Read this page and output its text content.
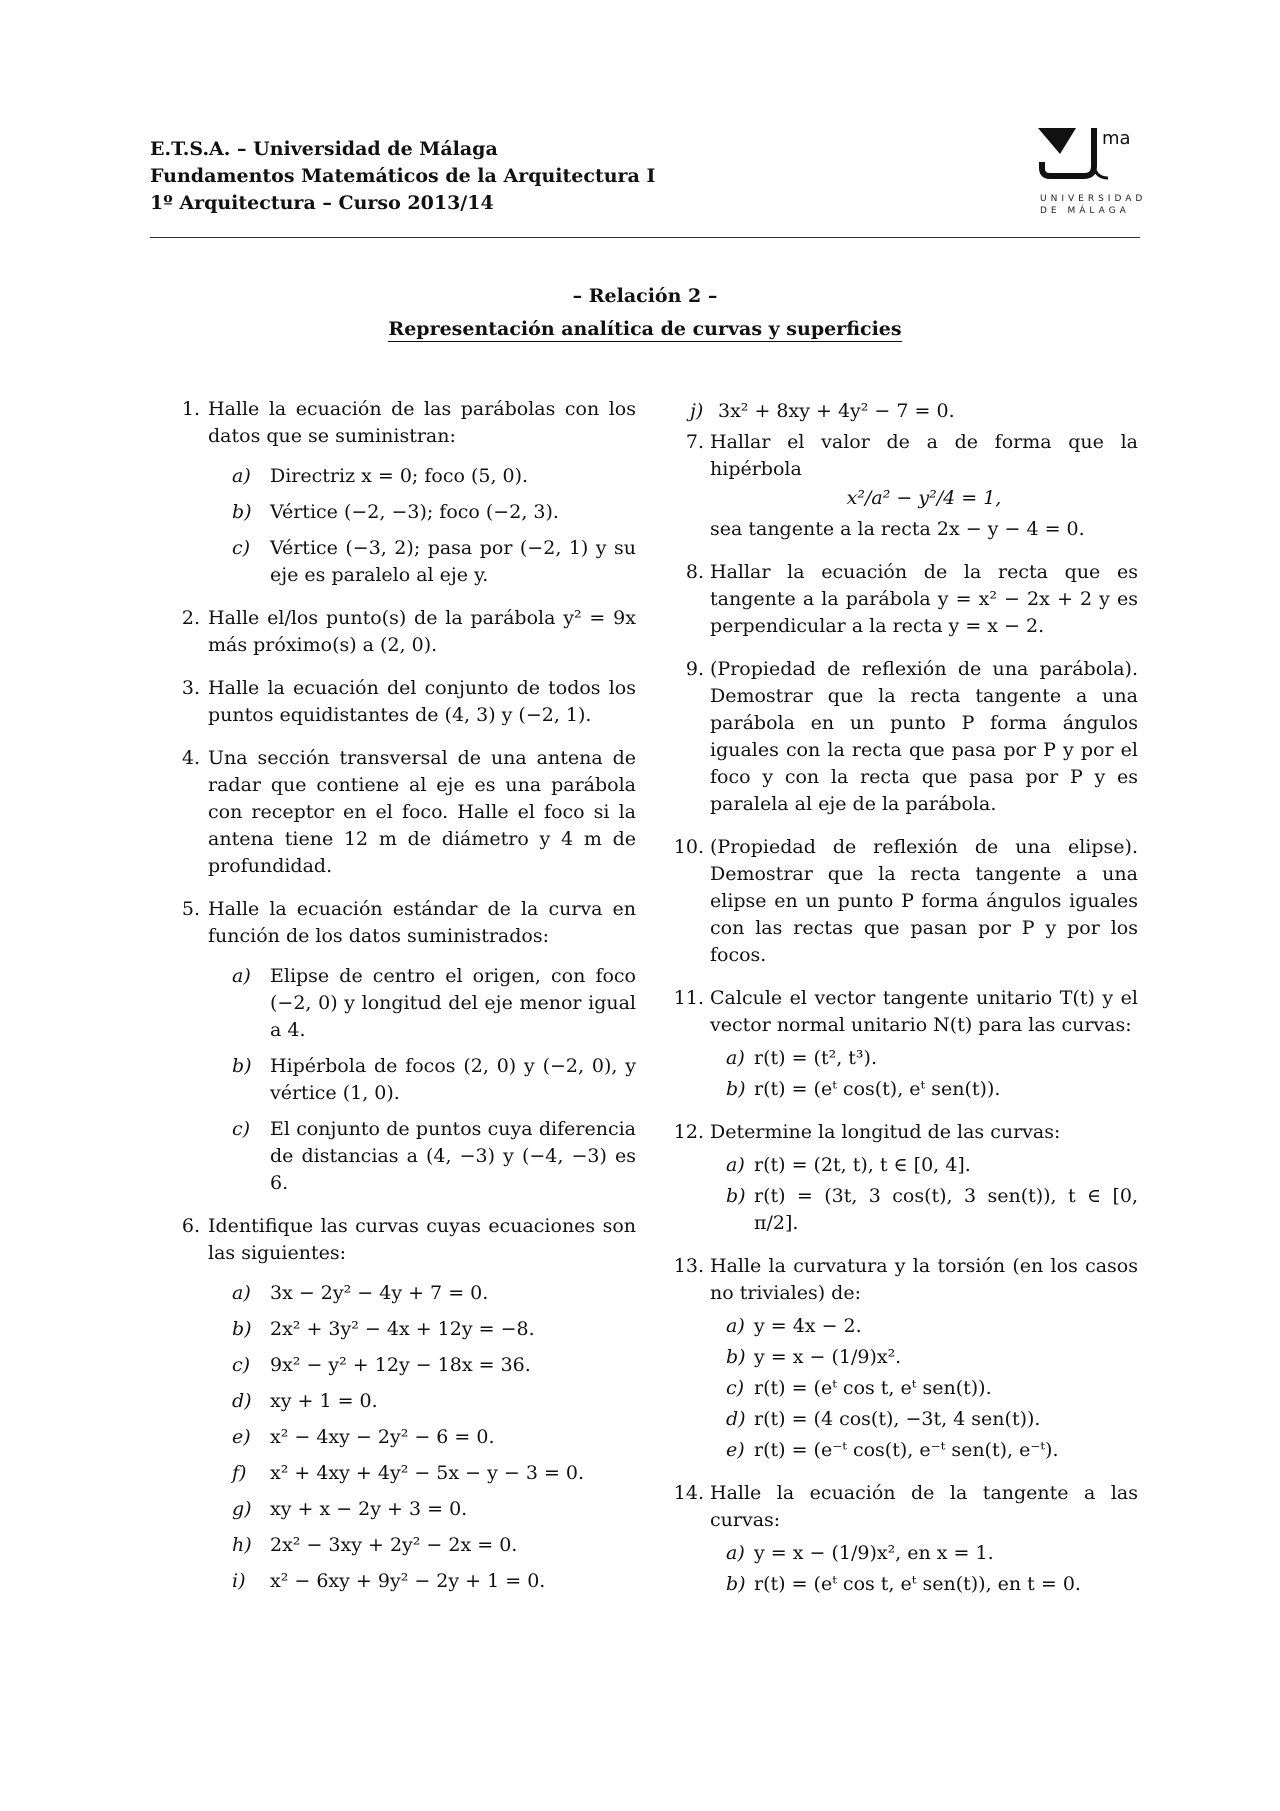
E.T.S.A. – Universidad de Málaga
Fundamentos Matemáticos de la Arquitectura I
1º Arquitectura – Curso 2013/14
ma
UNIVERSIDAD
DE MÁLAGA
– Relación 2 –
Representación analítica de curvas y superficies
1. Halle la ecuación de las parábolas con los datos que se suministran:
a) Directriz x = 0; foco (5, 0).
b) Vértice (−2, −3); foco (−2, 3).
c) Vértice (−3, 2); pasa por (−2, 1) y su eje es paralelo al eje y.
2. Halle el/los punto(s) de la parábola y² = 9x más próximo(s) a (2, 0).
3. Halle la ecuación del conjunto de todos los puntos equidistantes de (4, 3) y (−2, 1).
4. Una sección transversal de una antena de radar que contiene al eje es una parábola con receptor en el foco. Halle el foco si la antena tiene 12 m de diámetro y 4 m de profundidad.
5. Halle la ecuación estándar de la curva en función de los datos suministrados:
a) Elipse de centro el origen, con foco (−2, 0) y longitud del eje menor igual a 4.
b) Hipérbola de focos (2, 0) y (−2, 0), y vértice (1, 0).
c) El conjunto de puntos cuya diferencia de distancias a (4, −3) y (−4, −3) es 6.
6. Identifique las curvas cuyas ecuaciones son las siguientes:
a) 3x − 2y² − 4y + 7 = 0.
b) 2x² + 3y² − 4x + 12y = −8.
c) 9x² − y² + 12y − 18x = 36.
d) xy + 1 = 0.
e) x² − 4xy − 2y² − 6 = 0.
f) x² + 4xy + 4y² − 5x − y − 3 = 0.
g) xy + x − 2y + 3 = 0.
h) 2x² − 3xy + 2y² − 2x = 0.
i) x² − 6xy + 9y² − 2y + 1 = 0.
j) 3x² + 8xy + 4y² − 7 = 0.
7. Hallar el valor de a de forma que la hipérbola
x²/a² − y²/4 = 1,
sea tangente a la recta 2x − y − 4 = 0.
8. Hallar la ecuación de la recta que es tangente a la parábola y = x² − 2x + 2 y es perpendicular a la recta y = x − 2.
9. (Propiedad de reflexión de una parábola). Demostrar que la recta tangente a una parábola en un punto P forma ángulos iguales con la recta que pasa por P y por el foco y con la recta que pasa por P y es paralela al eje de la parábola.
10. (Propiedad de reflexión de una elipse). Demostrar que la recta tangente a una elipse en un punto P forma ángulos iguales con las rectas que pasan por P y por los focos.
11. Calcule el vector tangente unitario T(t) y el vector normal unitario N(t) para las curvas:
a) r(t) = (t², t³).
b) r(t) = (eᵗ cos(t), eᵗ sen(t)).
12. Determine la longitud de las curvas:
a) r(t) = (2t, t), t ∈ [0, 4].
b) r(t) = (3t, 3 cos(t), 3 sen(t)), t ∈ [0, π/2].
13. Halle la curvatura y la torsión (en los casos no triviales) de:
a) y = 4x − 2.
b) y = x − (1/9)x².
c) r(t) = (eᵗ cos t, eᵗ sen(t)).
d) r(t) = (4 cos(t), −3t, 4 sen(t)).
e) r(t) = (e⁻ᵗ cos(t), e⁻ᵗ sen(t), e⁻ᵗ).
14. Halle la ecuación de la tangente a las curvas:
a) y = x − (1/9)x², en x = 1.
b) r(t) = (eᵗ cos t, eᵗ sen(t)), en t = 0.
